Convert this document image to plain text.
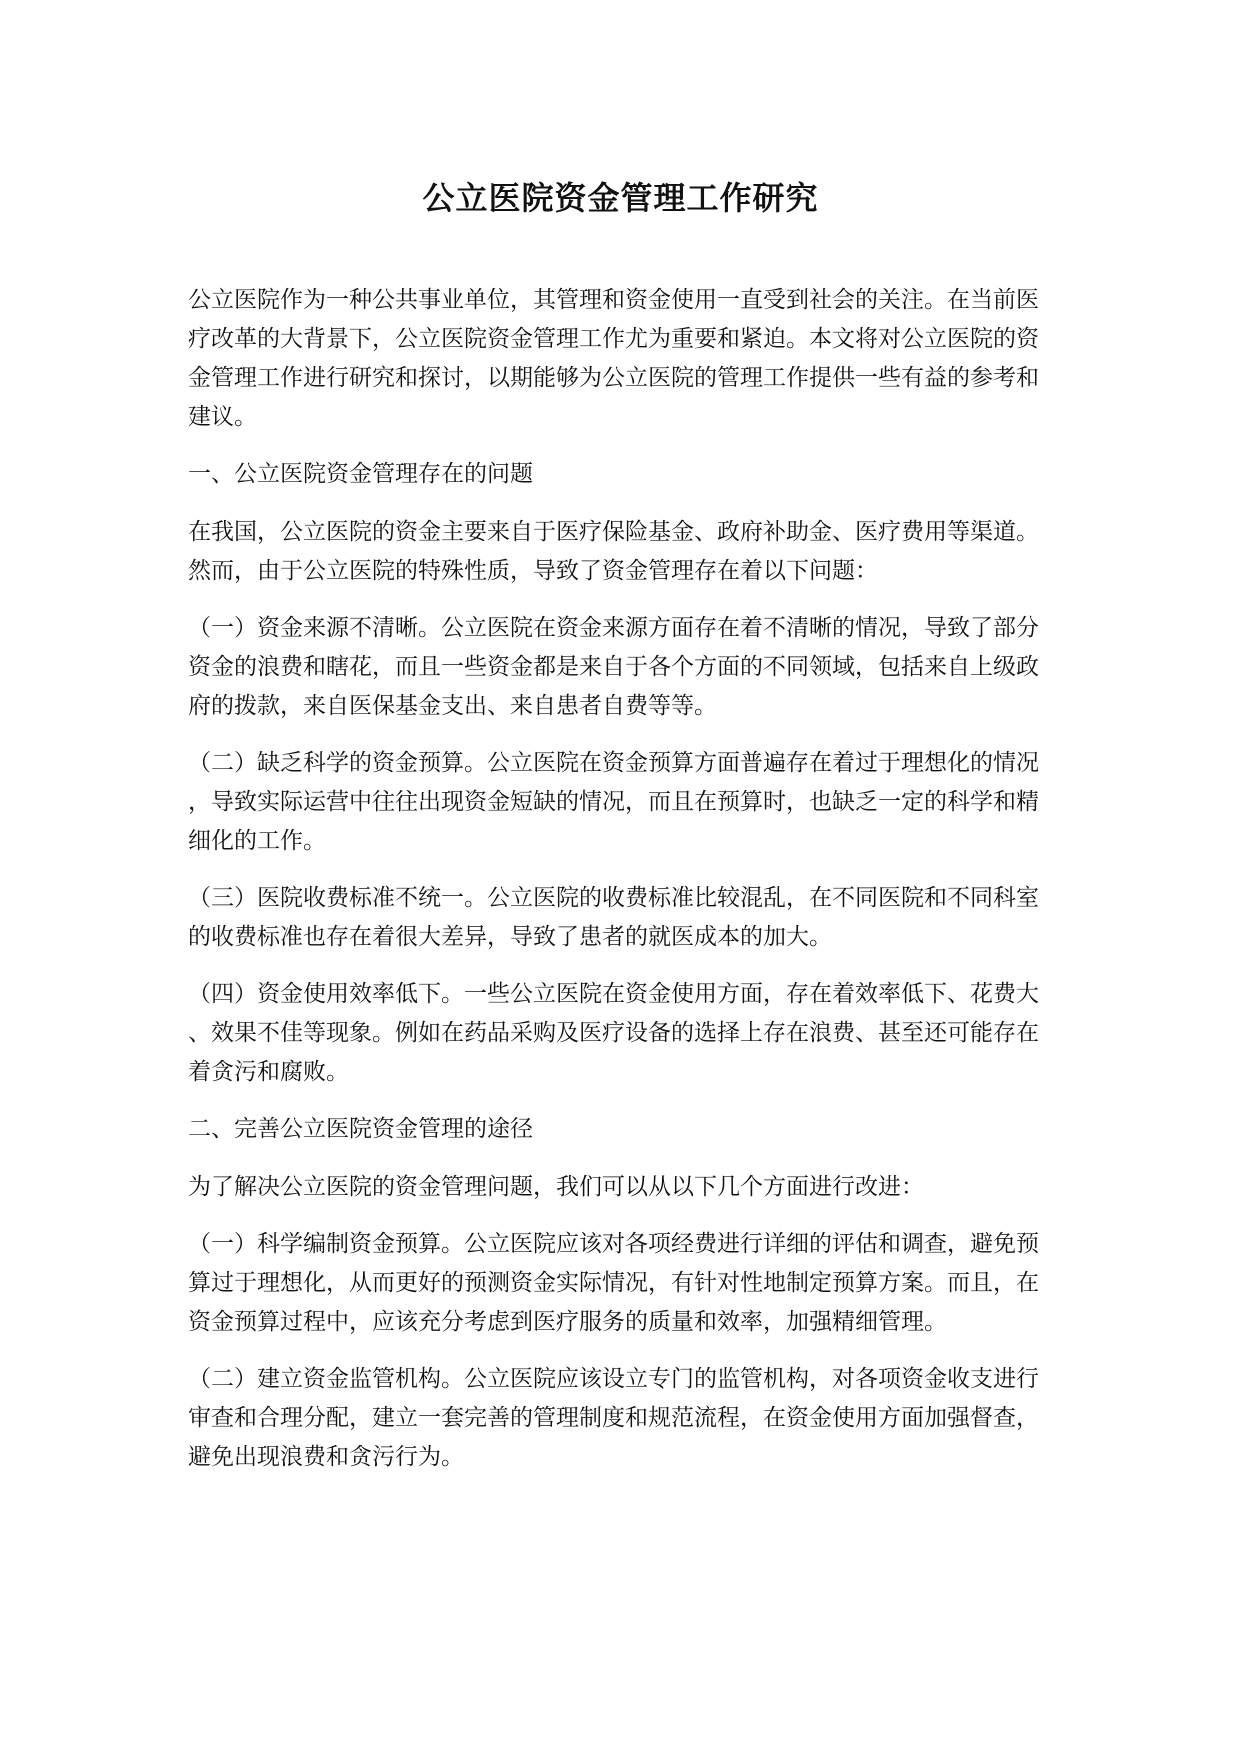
公立医院资金管理工作研究

公立医院作为一种公共事业单位，其管理和资金使用一直受到社会的关注。在当前医疗改革的大背景下，公立医院资金管理工作尤为重要和紧迫。本文将对公立医院的资金管理工作进行研究和探讨，以期能够为公立医院的管理工作提供一些有益的参考和建议。

一、公立医院资金管理存在的问题

在我国，公立医院的资金主要来自于医疗保险基金、政府补助金、医疗费用等渠道。然而，由于公立医院的特殊性质，导致了资金管理存在着以下问题：

（一）资金来源不清晰。公立医院在资金来源方面存在着不清晰的情况，导致了部分资金的浪费和瞎花，而且一些资金都是来自于各个方面的不同领域，包括来自上级政府的拨款，来自医保基金支出、来自患者自费等等。

（二）缺乏科学的资金预算。公立医院在资金预算方面普遍存在着过于理想化的情况，导致实际运营中往往出现资金短缺的情况，而且在预算时，也缺乏一定的科学和精细化的工作。

（三）医院收费标准不统一。公立医院的收费标准比较混乱，在不同医院和不同科室的收费标准也存在着很大差异，导致了患者的就医成本的加大。

（四）资金使用效率低下。一些公立医院在资金使用方面，存在着效率低下、花费大、效果不佳等现象。例如在药品采购及医疗设备的选择上存在浪费、甚至还可能存在着贪污和腐败。

二、完善公立医院资金管理的途径

为了解决公立医院的资金管理问题，我们可以从以下几个方面进行改进：

（一）科学编制资金预算。公立医院应该对各项经费进行详细的评估和调查，避免预算过于理想化，从而更好的预测资金实际情况，有针对性地制定预算方案。而且，在资金预算过程中，应该充分考虑到医疗服务的质量和效率，加强精细管理。

（二）建立资金监管机构。公立医院应该设立专门的监管机构，对各项资金收支进行审查和合理分配，建立一套完善的管理制度和规范流程，在资金使用方面加强督查，避免出现浪费和贪污行为。
